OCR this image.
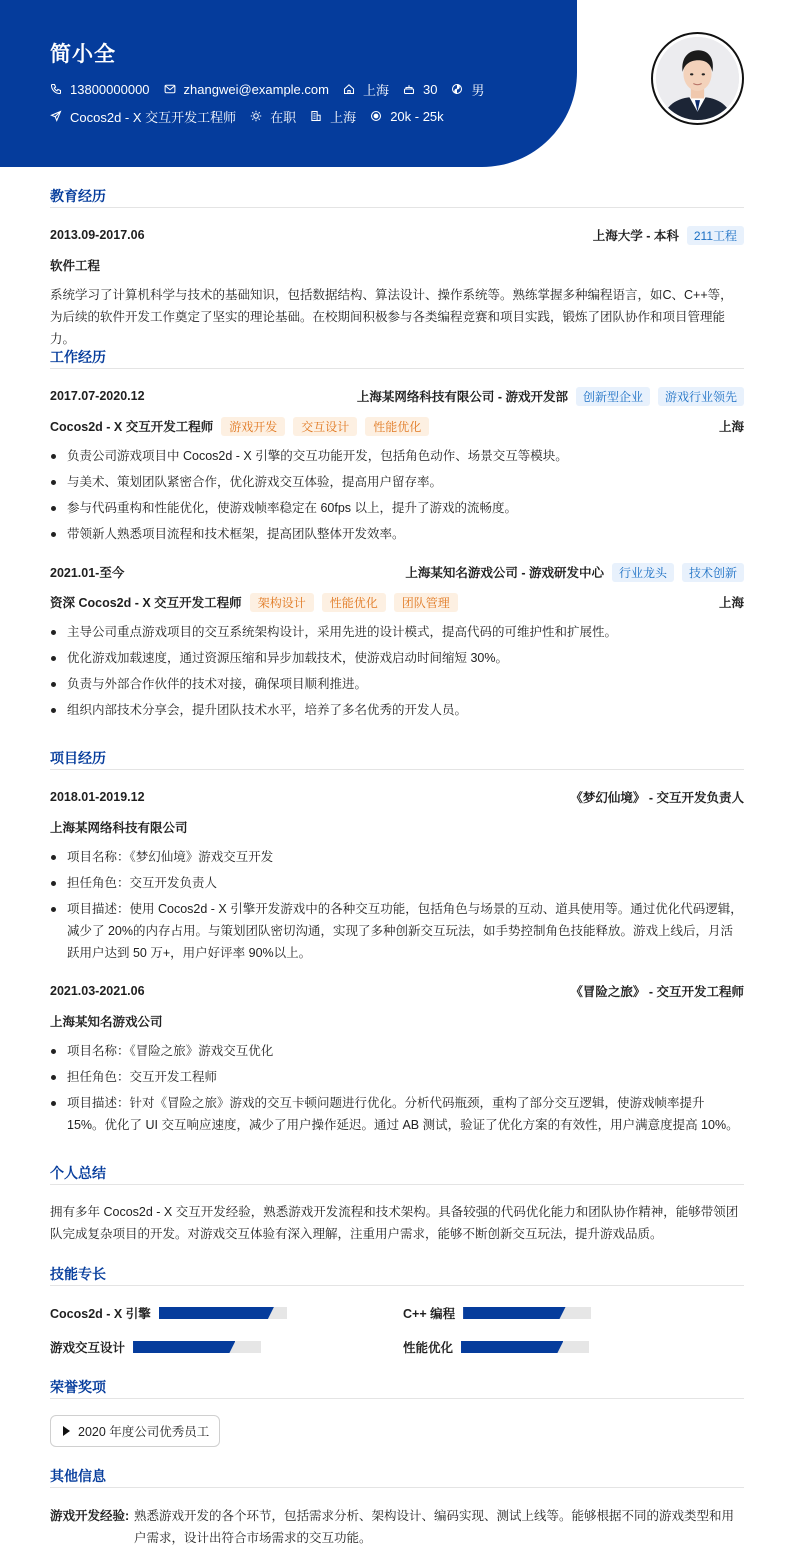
简小全
13800000000	zhangwei@example.com	上海	30	男
Cocos2d - X 交互开发工程师	在职	上海	20k - 25k
教育经历
2013.09-2017.06	上海大学 - 本科	211工程
软件工程
系统学习了计算机科学与技术的基础知识，包括数据结构、算法设计、操作系统等。熟练掌握多种编程语言，如C、C++等，为后续的软件开发工作奠定了坚实的理论基础。在校期间积极参与各类编程竞赛和项目实践，锻炼了团队协作和项目管理能力。
工作经历
2017.07-2020.12	上海某网络科技有限公司 - 游戏开发部	创新型企业	游戏行业领先
Cocos2d - X 交互开发工程师	游戏开发	交互设计	性能优化	上海
负责公司游戏项目中 Cocos2d - X 引擎的交互功能开发，包括角色动作、场景交互等模块。
与美术、策划团队紧密合作，优化游戏交互体验，提高用户留存率。
参与代码重构和性能优化，使游戏帧率稳定在 60fps 以上，提升了游戏的流畅度。
带领新人熟悉项目流程和技术框架，提高团队整体开发效率。
2021.01-至今	上海某知名游戏公司 - 游戏研发中心	行业龙头	技术创新
资深 Cocos2d - X 交互开发工程师	架构设计	性能优化	团队管理	上海
主导公司重点游戏项目的交互系统架构设计，采用先进的设计模式，提高代码的可维护性和扩展性。
优化游戏加载速度，通过资源压缩和异步加载技术，使游戏启动时间缩短 30%。
负责与外部合作伙伴的技术对接，确保项目顺利推进。
组织内部技术分享会，提升团队技术水平，培养了多名优秀的开发人员。
项目经历
2018.01-2019.12	《梦幻仙境》 - 交互开发负责人
上海某网络科技有限公司
项目名称：《梦幻仙境》游戏交互开发
担任角色：交互开发负责人
项目描述：使用 Cocos2d - X 引擎开发游戏中的各种交互功能，包括角色与场景的互动、道具使用等。通过优化代码逻辑，减少了 20%的内存占用。与策划团队密切沟通，实现了多种创新交互玩法，如手势控制角色技能释放。游戏上线后，月活跃用户达到 50 万+，用户好评率 90%以上。
2021.03-2021.06	《冒险之旅》 - 交互开发工程师
上海某知名游戏公司
项目名称：《冒险之旅》游戏交互优化
担任角色：交互开发工程师
项目描述：针对《冒险之旅》游戏的交互卡顿问题进行优化。分析代码瓶颈，重构了部分交互逻辑，使游戏帧率提升 15%。优化了 UI 交互响应速度，减少了用户操作延迟。通过 AB 测试，验证了优化方案的有效性，用户满意度提高 10%。
个人总结
拥有多年 Cocos2d - X 交互开发经验，熟悉游戏开发流程和技术架构。具备较强的代码优化能力和团队协作精神，能够带领团队完成复杂项目的开发。对游戏交互体验有深入理解，注重用户需求，能够不断创新交互玩法，提升游戏品质。
技能专长
Cocos2d - X 引擎	C++ 编程
游戏交互设计	性能优化
荣誉奖项
2020 年度公司优秀员工
其他信息
游戏开发经验: 熟悉游戏开发的各个环节，包括需求分析、架构设计、编码实现、测试上线等。能够根据不同的游戏类型和用户需求，设计出符合市场需求的交互功能。
